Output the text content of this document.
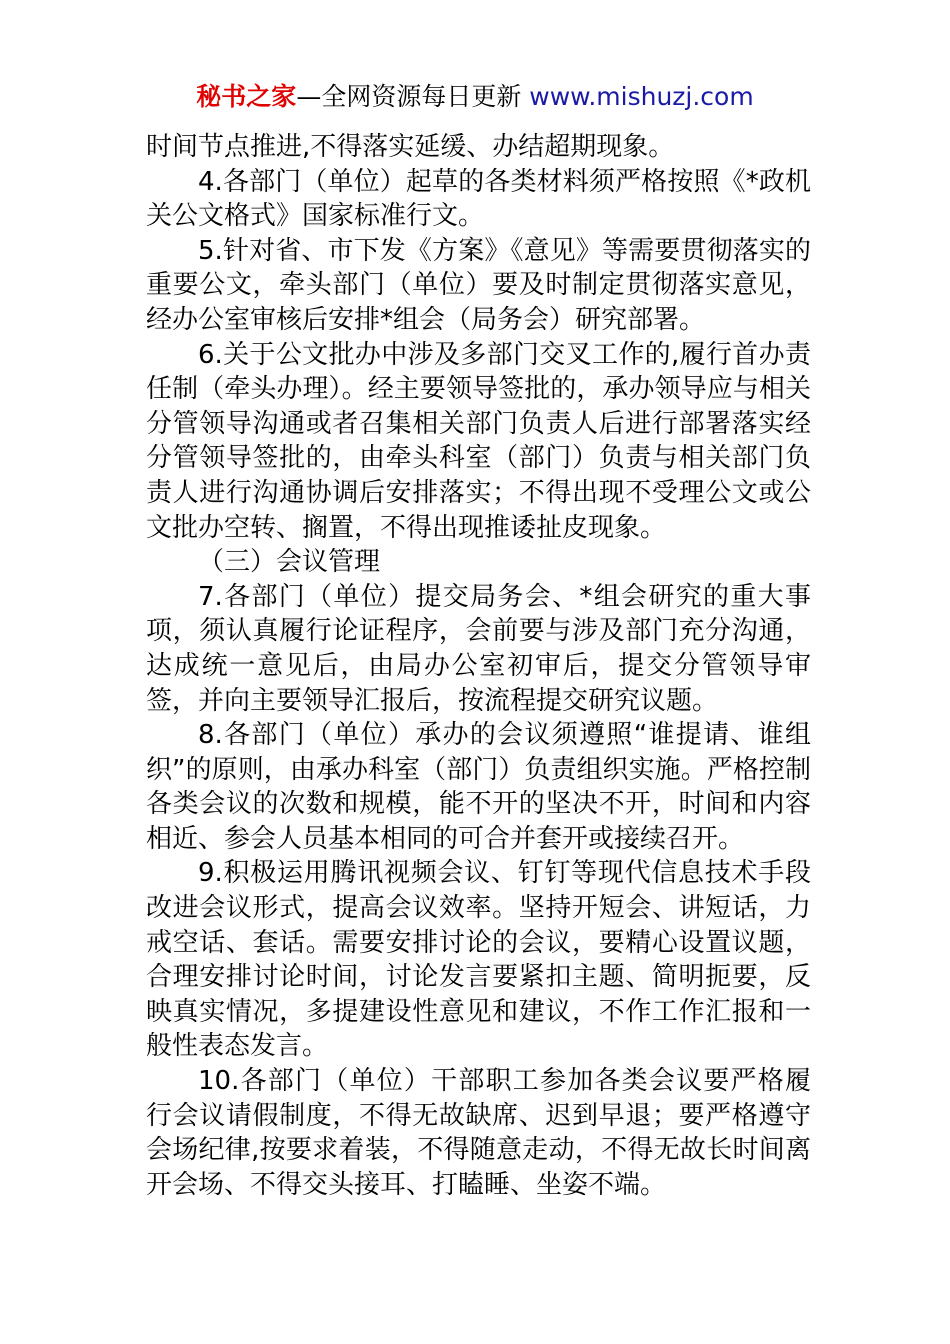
秘书之家—全网资源每日更新 www.mishuzj.com

时间节点推进,不得落实延缓、办结超期现象。

4.各部门（单位）起草的各类材料须严格按照《*政机关公文格式》国家标准行文。

5.针对省、市下发《方案》《意见》等需要贯彻落实的重要公文，牵头部门（单位）要及时制定贯彻落实意见，经办公室审核后安排*组会（局务会）研究部署。

6.关于公文批办中涉及多部门交叉工作的,履行首办责任制（牵头办理）。经主要领导签批的，承办领导应与相关分管领导沟通或者召集相关部门负责人后进行部署落实经分管领导签批的，由牵头科室（部门）负责与相关部门负责人进行沟通协调后安排落实；不得出现不受理公文或公文批办空转、搁置，不得出现推诿扯皮现象。

（三）会议管理

7.各部门（单位）提交局务会、*组会研究的重大事项，须认真履行论证程序，会前要与涉及部门充分沟通，达成统一意见后，由局办公室初审后，提交分管领导审签，并向主要领导汇报后，按流程提交研究议题。

8.各部门（单位）承办的会议须遵照“谁提请、谁组织”的原则，由承办科室（部门）负责组织实施。严格控制各类会议的次数和规模，能不开的坚决不开，时间和内容相近、参会人员基本相同的可合并套开或接续召开。

9.积极运用腾讯视频会议、钉钉等现代信息技术手段改进会议形式，提高会议效率。坚持开短会、讲短话，力戒空话、套话。需要安排讨论的会议，要精心设置议题，合理安排讨论时间，讨论发言要紧扣主题、简明扼要，反映真实情况，多提建设性意见和建议，不作工作汇报和一般性表态发言。

10.各部门（单位）干部职工参加各类会议要严格履行会议请假制度，不得无故缺席、迟到早退；要严格遵守会场纪律,按要求着装，不得随意走动，不得无故长时间离开会场、不得交头接耳、打瞌睡、坐姿不端。
